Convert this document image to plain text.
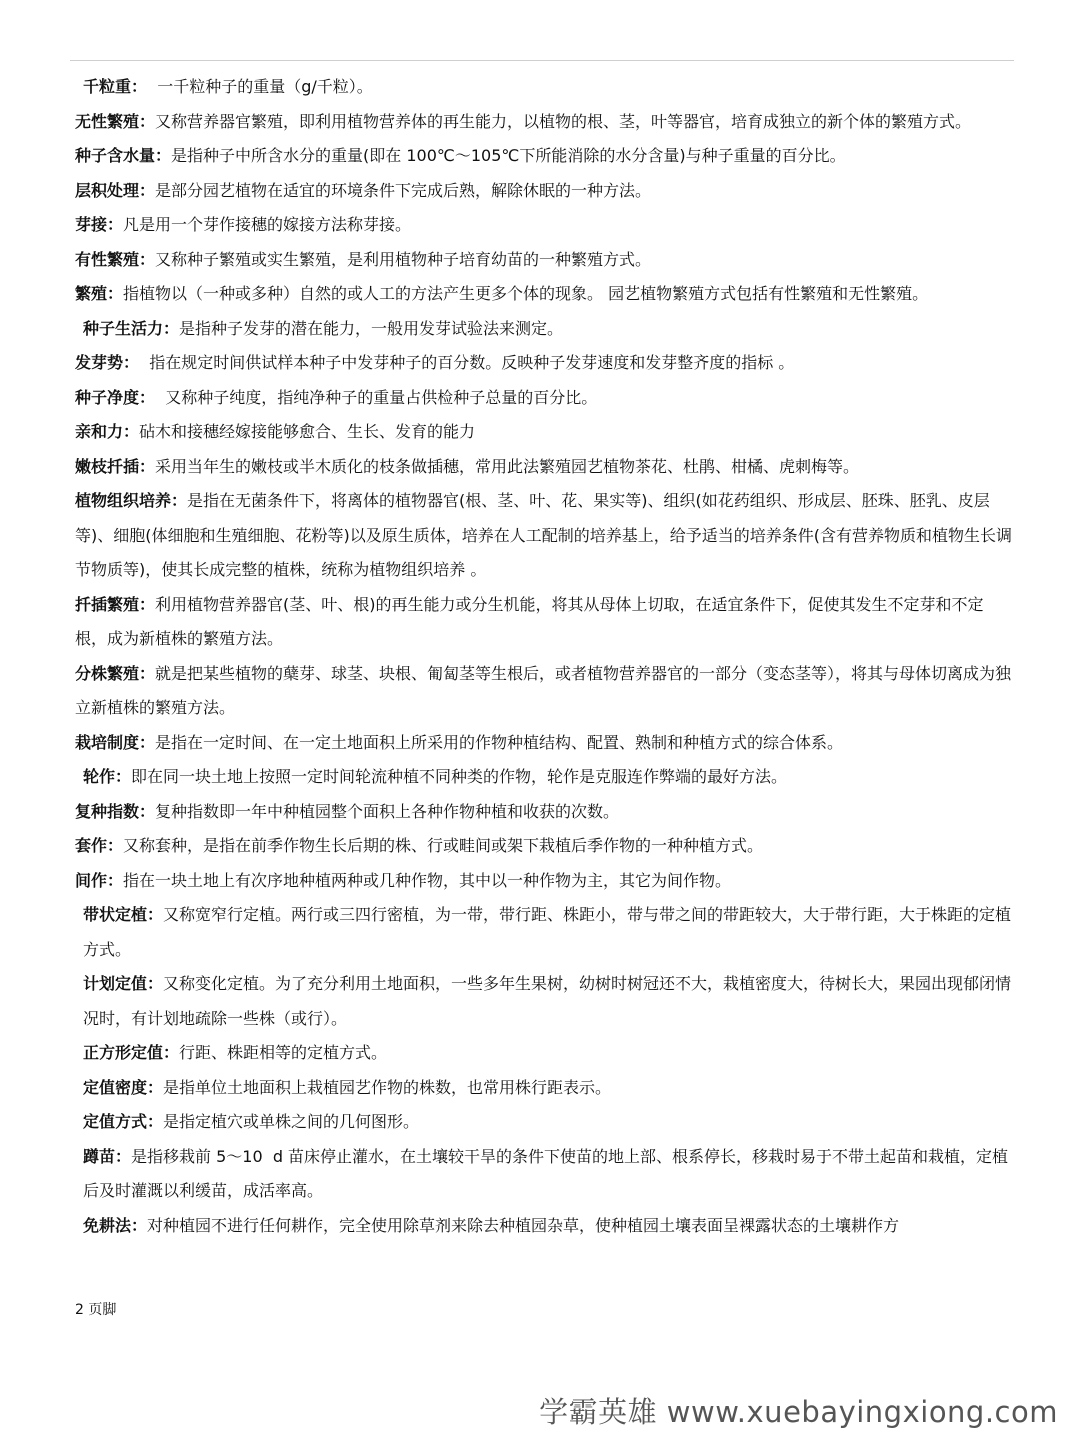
千粒重：  一千粒种子的重量（g/千粒）。

无性繁殖：又称营养器官繁殖，即利用植物营养体的再生能力，以植物的根、茎，叶等器官，培育成独立的新个体的繁殖方式。

种子含水量：是指种子中所含水分的重量(即在 100℃～105℃下所能消除的水分含量)与种子重量的百分比。

层积处理：是部分园艺植物在适宜的环境条件下完成后熟，解除休眠的一种方法。

芽接：凡是用一个芽作接穗的嫁接方法称芽接。

有性繁殖：又称种子繁殖或实生繁殖，是利用植物种子培育幼苗的一种繁殖方式。

繁殖：指植物以（一种或多种）自然的或人工的方法产生更多个体的现象。 园艺植物繁殖方式包括有性繁殖和无性繁殖。

种子生活力：是指种子发芽的潜在能力，一般用发芽试验法来测定。

发芽势：  指在规定时间供试样本种子中发芽种子的百分数。反映种子发芽速度和发芽整齐度的指标 。

种子净度：  又称种子纯度，指纯净种子的重量占供检种子总量的百分比。

亲和力：砧木和接穗经嫁接能够愈合、生长、发育的能力

嫩枝扦插：采用当年生的嫩枝或半木质化的枝条做插穗，常用此法繁殖园艺植物茶花、杜鹃、柑橘、虎刺梅等。

植物组织培养：是指在无菌条件下，将离体的植物器官(根、茎、叶、花、果实等)、组织(如花药组织、形成层、胚珠、胚乳、皮层等)、细胞(体细胞和生殖细胞、花粉等)以及原生质体，培养在人工配制的培养基上，给予适当的培养条件(含有营养物质和植物生长调节物质等)，使其长成完整的植株，统称为植物组织培养 。

扦插繁殖：利用植物营养器官(茎、叶、根)的再生能力或分生机能，将其从母体上切取，在适宜条件下，促使其发生不定芽和不定根，成为新植株的繁殖方法。

分株繁殖：就是把某些植物的蘖芽、球茎、块根、匍匐茎等生根后，或者植物营养器官的一部分（变态茎等），将其与母体切离成为独立新植株的繁殖方法。

栽培制度：是指在一定时间、在一定土地面积上所采用的作物种植结构、配置、熟制和种植方式的综合体系。

轮作：即在同一块土地上按照一定时间轮流种植不同种类的作物，轮作是克服连作弊端的最好方法。

复种指数：复种指数即一年中种植园整个面积上各种作物种植和收获的次数。

套作：又称套种，是指在前季作物生长后期的株、行或畦间或架下栽植后季作物的一种种植方式。

间作：指在一块土地上有次序地种植两种或几种作物，其中以一种作物为主，其它为间作物。

带状定植：又称宽窄行定植。两行或三四行密植，为一带，带行距、株距小，带与带之间的带距较大，大于带行距，大于株距的定植方式。

计划定值：又称变化定植。为了充分利用土地面积，一些多年生果树，幼树时树冠还不大，栽植密度大，待树长大，果园出现郁闭情况时，有计划地疏除一些株（或行）。

正方形定值：行距、株距相等的定植方式。

定值密度：是指单位土地面积上栽植园艺作物的株数，也常用株行距表示。

定值方式：是指定植穴或单株之间的几何图形。

蹲苗：是指移栽前 5～10  d 苗床停止灌水，在土壤较干旱的条件下使苗的地上部、根系停长，移栽时易于不带土起苗和栽植，定植后及时灌溉以利缓苗，成活率高。

免耕法：对种植园不进行任何耕作，完全使用除草剂来除去种植园杂草，使种植园土壤表面呈裸露状态的土壤耕作方

2 页脚
学霸英雄 www.xuebayingxiong.com
